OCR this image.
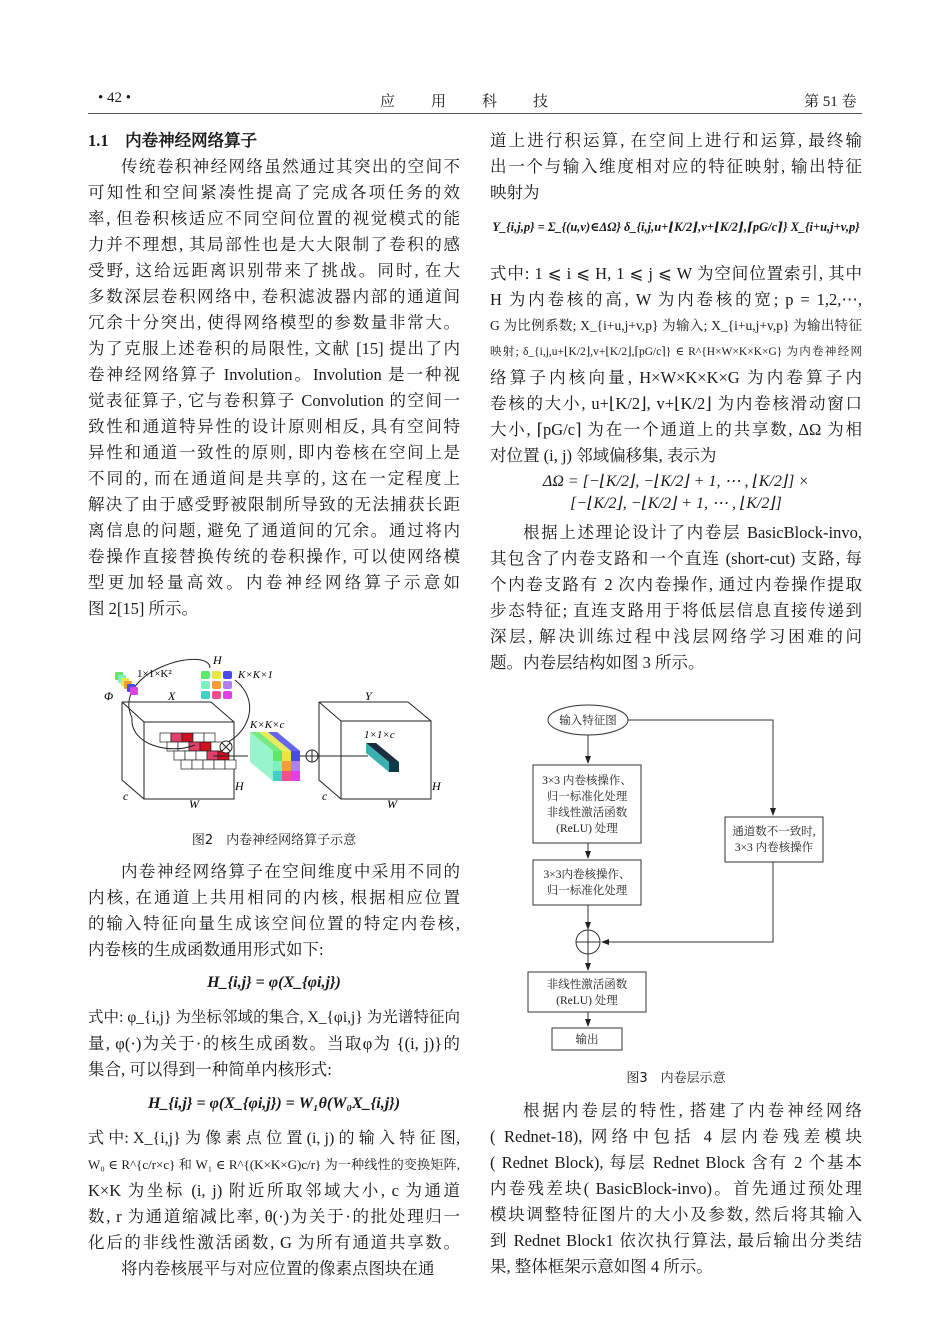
• 42 •	应　　用　　科　　技	第 51 卷
1.1　内卷神经网络算子
传统卷积神经网络虽然通过其突出的空间不
可知性和空间紧凑性提高了完成各项任务的效
率, 但卷积核适应不同空间位置的视觉模式的能
力并不理想, 其局部性也是大大限制了卷积的感
受野, 这给远距离识别带来了挑战。同时, 在大
多数深层卷积网络中, 卷积滤波器内部的通道间
冗余十分突出, 使得网络模型的参数量非常大。
为了克服上述卷积的局限性, 文献 [15] 提出了内
卷神经网络算子 Involution。Involution 是一种视
觉表征算子, 它与卷积算子 Convolution 的空间一
致性和通道特异性的设计原则相反, 具有空间特
异性和通道一致性的原则, 即内卷核在空间上是
不同的, 而在通道间是共享的, 这在一定程度上
解决了由于感受野被限制所导致的无法捕获长距
离信息的问题, 避免了通道间的冗余。通过将内
卷操作直接替换传统的卷积操作, 可以使网络模
型更加轻量高效。内卷神经网络算子示意如
图 2[15] 所示。
H
1×1×K²	K×K×1
Φ	X	Y
K×K×c
1×1×c
c
W
H
c
W
H
图2　内卷神经网络算子示意
内卷神经网络算子在空间维度中采用不同的
内核, 在通道上共用相同的内核, 根据相应位置
的输入特征向量生成该空间位置的特定内卷核,
内卷核的生成函数通用形式如下:
H_{i,j} = φ(X_{φi,j})
式中: φ_{i,j} 为坐标邻域的集合, X_{φi,j} 为光谱特征向
量, φ(·)为关于·的核生成函数。当取φ为 {(i, j)}的
集合, 可以得到一种简单内核形式:
H_{i,j} = φ(X_{φi,j}) = W₁θ(W₀X_{i,j})
式 中: X_{i,j} 为 像 素 点 位 置 (i, j) 的 输 入 特 征 图,
W₀ ∈ R^{c/r×c} 和 W₁ ∈ R^{(K×K×G)c/r} 为一种线性的变换矩阵,
K×K 为坐标 (i, j) 附近所取邻域大小, c 为通道
数, r 为通道缩减比率, θ(·)为关于·的批处理归一
化后的非线性激活函数, G 为所有通道共享数。
将内卷核展平与对应位置的像素点图块在通
道上进行积运算, 在空间上进行和运算, 最终输
出一个与输入维度相对应的特征映射, 输出特征
映射为
Y_{i,j,p} = Σ_{(u,v)∈ΔΩ} δ_{i,j,u+⌊K/2⌋,v+⌊K/2⌋,⌈pG/c⌉} X_{i+u,j+v,p}
式中: 1 ⩽ i ⩽ H, 1 ⩽ j ⩽ W 为空间位置索引, 其中
H 为内卷核的高, W 为内卷核的宽; p = 1,2,⋯,
G 为比例系数; X_{i+u,j+v,p} 为输入; X_{i+u,j+v,p} 为输出特征
映射; δ_{i,j,u+⌊K/2⌋,v+⌊K/2⌋,⌈pG/c⌉} ∈ R^{H×W×K×K×G} 为内卷神经网
络算子内核向量, H×W×K×K×G 为内卷算子内
卷核的大小, u+⌊K/2⌋, v+⌊K/2⌋ 为内卷核滑动窗口
大小, ⌈pG/c⌉ 为在一个通道上的共享数, ΔΩ 为相
对位置 (i, j) 邻域偏移集, 表示为
ΔΩ = [−⌊K/2⌋, −⌊K/2⌋ + 1, ⋯ , ⌊K/2⌋] ×
[−⌊K/2⌋, −⌊K/2⌋ + 1, ⋯ , ⌊K/2⌋]
根据上述理论设计了内卷层 BasicBlock-invo,
其包含了内卷支路和一个直连 (short-cut) 支路, 每
个内卷支路有 2 次内卷操作, 通过内卷操作提取
步态特征; 直连支路用于将低层信息直接传递到
深层, 解决训练过程中浅层网络学习困难的问
题。内卷层结构如图 3 所示。
输入特征图
3×3 内卷核操作、
归一标准化处理
非线性激活函数
(ReLU) 处理
3×3内卷核操作、
归一标准化处理
通道数不一致时,
3×3 内卷核操作
非线性激活函数
(ReLU) 处理
输出
图3　内卷层示意
根据内卷层的特性, 搭建了内卷神经网络
( Rednet-18), 网络中包括 4 层内卷残差模块
( Rednet Block), 每层 Rednet Block 含有 2 个基本
内卷残差块( BasicBlock-invo)。首先通过预处理
模块调整特征图片的大小及参数, 然后将其输入
到 Rednet Block1 依次执行算法, 最后输出分类结
果, 整体框架示意如图 4 所示。
